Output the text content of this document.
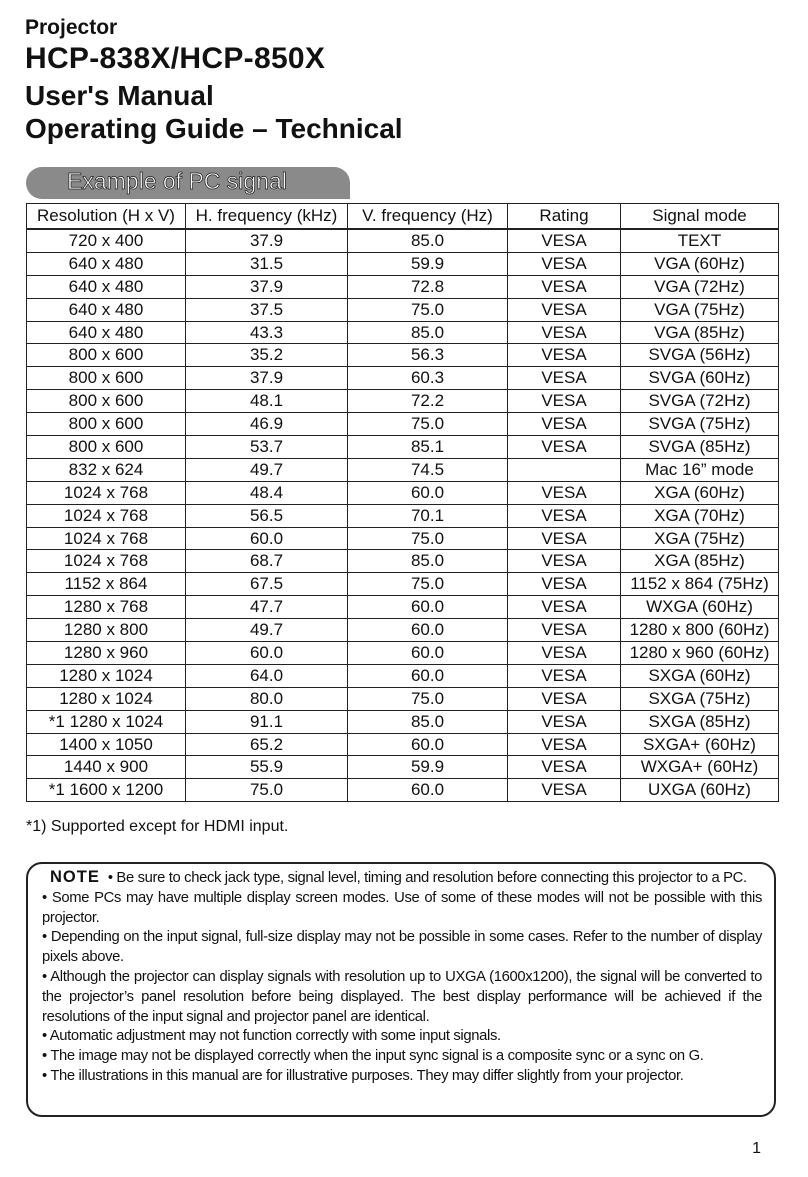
Projector
HCP-838X/HCP-850X
User's Manual
Operating Guide – Technical
Example of PC signal
Resolution (H x V)	H. frequency (kHz)	V. frequency (Hz)	Rating	Signal mode
720 x 400	37.9	85.0	VESA	TEXT
640 x 480	31.5	59.9	VESA	VGA (60Hz)
640 x 480	37.9	72.8	VESA	VGA (72Hz)
640 x 480	37.5	75.0	VESA	VGA (75Hz)
640 x 480	43.3	85.0	VESA	VGA (85Hz)
800 x 600	35.2	56.3	VESA	SVGA (56Hz)
800 x 600	37.9	60.3	VESA	SVGA (60Hz)
800 x 600	48.1	72.2	VESA	SVGA (72Hz)
800 x 600	46.9	75.0	VESA	SVGA (75Hz)
800 x 600	53.7	85.1	VESA	SVGA (85Hz)
832 x 624	49.7	74.5		Mac 16” mode
1024 x 768	48.4	60.0	VESA	XGA (60Hz)
1024 x 768	56.5	70.1	VESA	XGA (70Hz)
1024 x 768	60.0	75.0	VESA	XGA (75Hz)
1024 x 768	68.7	85.0	VESA	XGA (85Hz)
1152 x 864	67.5	75.0	VESA	1152 x 864 (75Hz)
1280 x 768	47.7	60.0	VESA	WXGA (60Hz)
1280 x 800	49.7	60.0	VESA	1280 x 800 (60Hz)
1280 x 960	60.0	60.0	VESA	1280 x 960 (60Hz)
1280 x 1024	64.0	60.0	VESA	SXGA (60Hz)
1280 x 1024	80.0	75.0	VESA	SXGA (75Hz)
*1 1280 x 1024	91.1	85.0	VESA	SXGA (85Hz)
1400 x 1050	65.2	60.0	VESA	SXGA+ (60Hz)
1440 x 900	55.9	59.9	VESA	WXGA+ (60Hz)
*1 1600 x 1200	75.0	60.0	VESA	UXGA (60Hz)

*1) Supported except for HDMI input.

NOTE • Be sure to check jack type, signal level, timing and resolution before connecting this projector to a PC.

• Some PCs may have multiple display screen modes. Use of some of these modes will not be possible with this projector.

• Depending on the input signal, full-size display may not be possible in some cases. Refer to the number of display pixels above.

• Although the projector can display signals with resolution up to UXGA (1600x1200), the signal will be converted to the projector’s panel resolution before being displayed. The best display performance will be achieved if the resolutions of the input signal and projector panel are identical.

• Automatic adjustment may not function correctly with some input signals.

• The image may not be displayed correctly when the input sync signal is a composite sync or a sync on G.

• The illustrations in this manual are for illustrative purposes. They may differ slightly from your projector.

1
